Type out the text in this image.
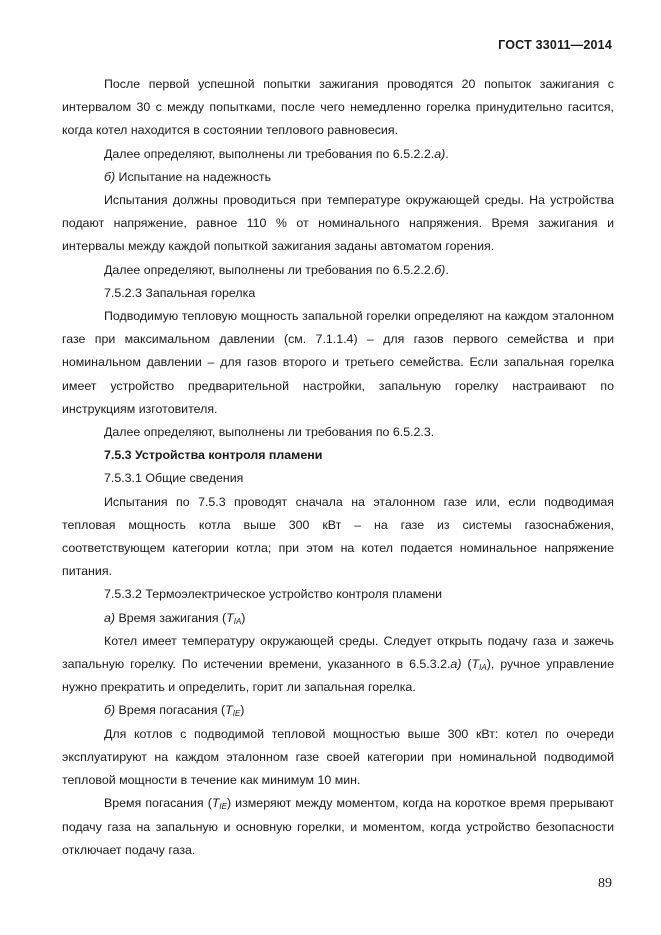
ГОСТ 33011—2014

После первой успешной попытки зажигания проводятся 20 попыток зажигания с интервалом 30 с между попытками, после чего немедленно горелка принудительно гасится, когда котел находится в состоянии теплового равновесия.

Далее определяют, выполнены ли требования по 6.5.2.2.а).

б) Испытание на надежность

Испытания должны проводиться при температуре окружающей среды. На устройства подают напряжение, равное 110 % от номинального напряжения. Время зажигания и интервалы между каждой попыткой зажигания заданы автоматом горения.

Далее определяют, выполнены ли требования по 6.5.2.2.б).

7.5.2.3 Запальная горелка

Подводимую тепловую мощность запальной горелки определяют на каждом эталонном газе при максимальном давлении (см. 7.1.1.4) – для газов первого семейства и при номинальном давлении – для газов второго и третьего семейства. Если запальная горелка имеет устройство предварительной настройки, запальную горелку настраивают по инструкциям изготовителя.

Далее определяют, выполнены ли требования по 6.5.2.3.

7.5.3 Устройства контроля пламени

7.5.3.1 Общие сведения

Испытания по 7.5.3 проводят сначала на эталонном газе или, если подводимая тепловая мощность котла выше 300 кВт – на газе из системы газоснабжения, соответствующем категории котла; при этом на котел подается номинальное напряжение питания.

7.5.3.2 Термоэлектрическое устройство контроля пламени

а) Время зажигания $(T_{IA})$

Котел имеет температуру окружающей среды. Следует открыть подачу газа и зажечь запальную горелку. По истечении времени, указанного в 6.5.3.2.а) $(T_{IA})$, ручное управление нужно прекратить и определить, горит ли запальная горелка.

б) Время погасания $(T_{IE})$

Для котлов с подводимой тепловой мощностью выше 300 кВт: котел по очереди эксплуатируют на каждом эталонном газе своей категории при номинальной подводимой тепловой мощности в течение как минимум 10 мин.

Время погасания $(T_{IE})$ измеряют между моментом, когда на короткое время прерывают подачу газа на запальную и основную горелки, и моментом, когда устройство безопасности отключает подачу газа.

89
